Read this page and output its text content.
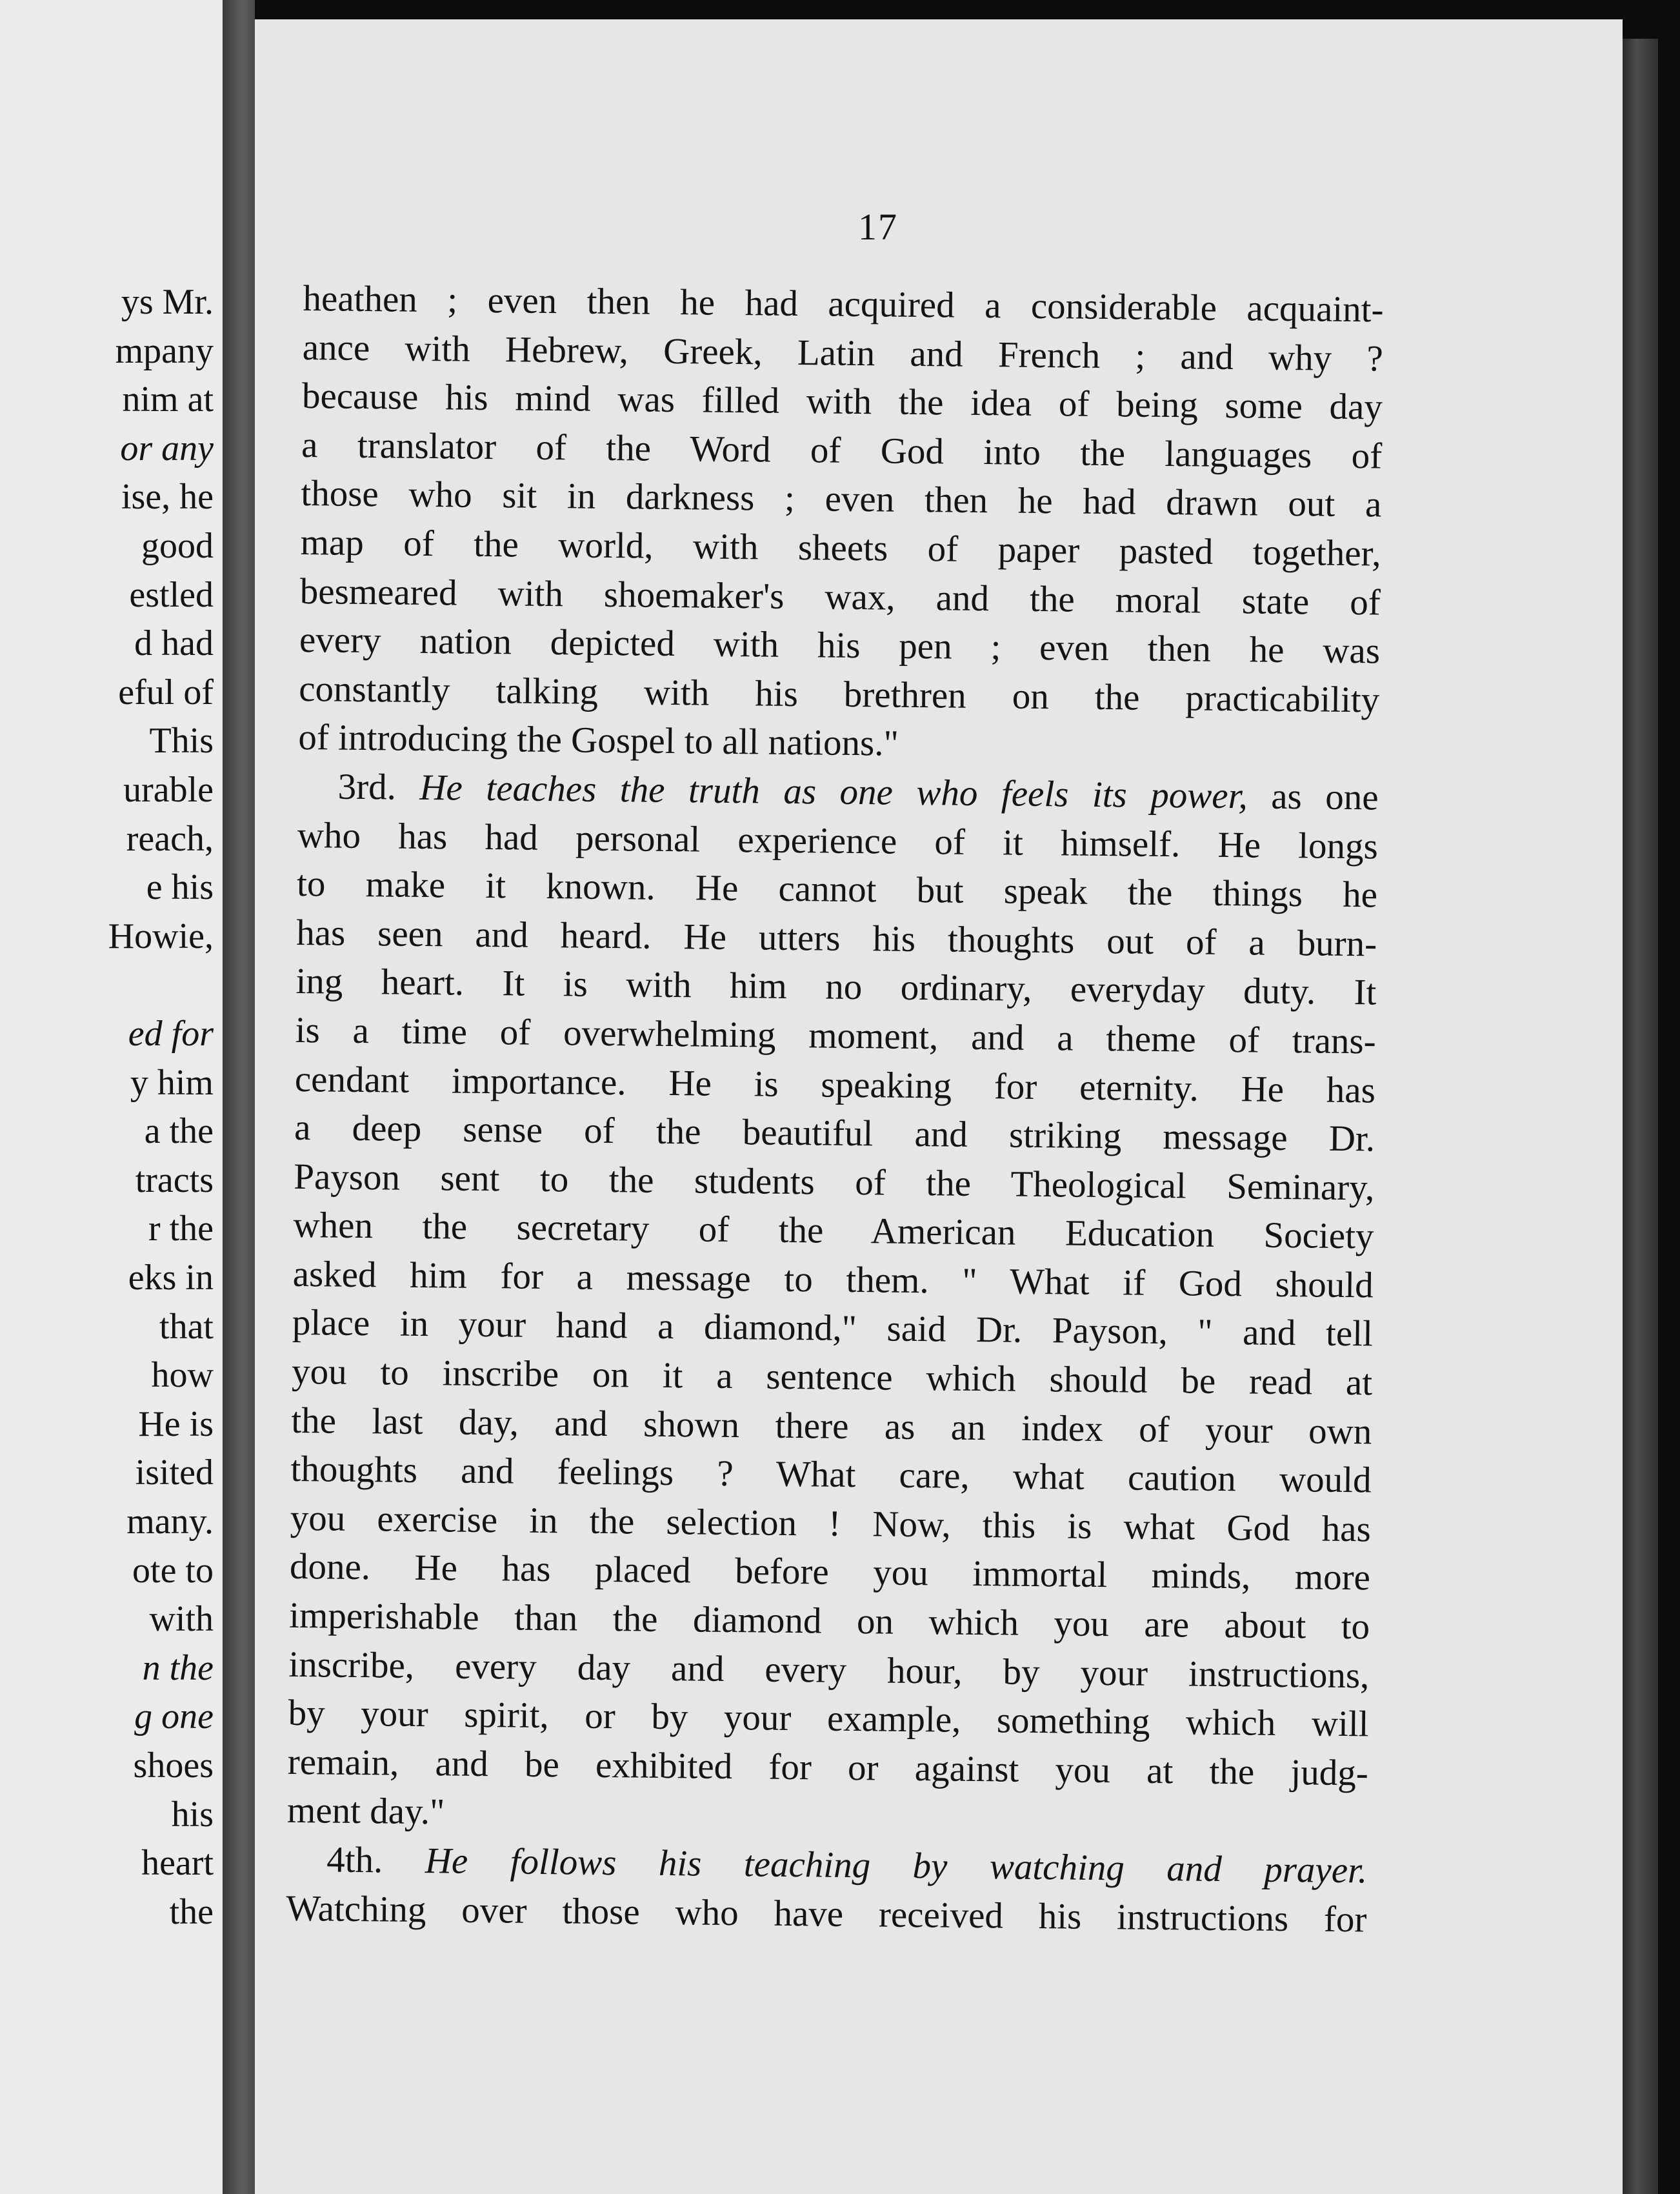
ys Mr.
mpany
nim at
or any
ise, he
good
estled
d had
eful of
This
urable
reach,
e his
Howie,
ed for
y him
a the
tracts
r the
eks in
that
how
He is
isited
many.
ote to
with
n the
g one
shoes
his
heart
the
17
heathen ; even then he had acquired a considerable acquaint-
ance with Hebrew, Greek, Latin and French ; and why ?
because his mind was filled with the idea of being some day
a translator of the Word of God into the languages of
those who sit in darkness ; even then he had drawn out a
map of the world, with sheets of paper pasted together,
besmeared with shoemaker's wax, and the moral state of
every nation depicted with his pen ; even then he was
constantly talking with his brethren on the practicability
of introducing the Gospel to all nations."
3rd. He teaches the truth as one who feels its power, as one
who has had personal experience of it himself. He longs
to make it known. He cannot but speak the things he
has seen and heard. He utters his thoughts out of a burn-
ing heart. It is with him no ordinary, everyday duty. It
is a time of overwhelming moment, and a theme of trans-
cendant importance. He is speaking for eternity. He has
a deep sense of the beautiful and striking message Dr.
Payson sent to the students of the Theological Seminary,
when the secretary of the American Education Society
asked him for a message to them. " What if God should
place in your hand a diamond," said Dr. Payson, " and tell
you to inscribe on it a sentence which should be read at
the last day, and shown there as an index of your own
thoughts and feelings ? What care, what caution would
you exercise in the selection ! Now, this is what God has
done. He has placed before you immortal minds, more
imperishable than the diamond on which you are about to
inscribe, every day and every hour, by your instructions,
by your spirit, or by your example, something which will
remain, and be exhibited for or against you at the judg-
ment day."
4th. He follows his teaching by watching and prayer.
Watching over those who have received his instructions for
